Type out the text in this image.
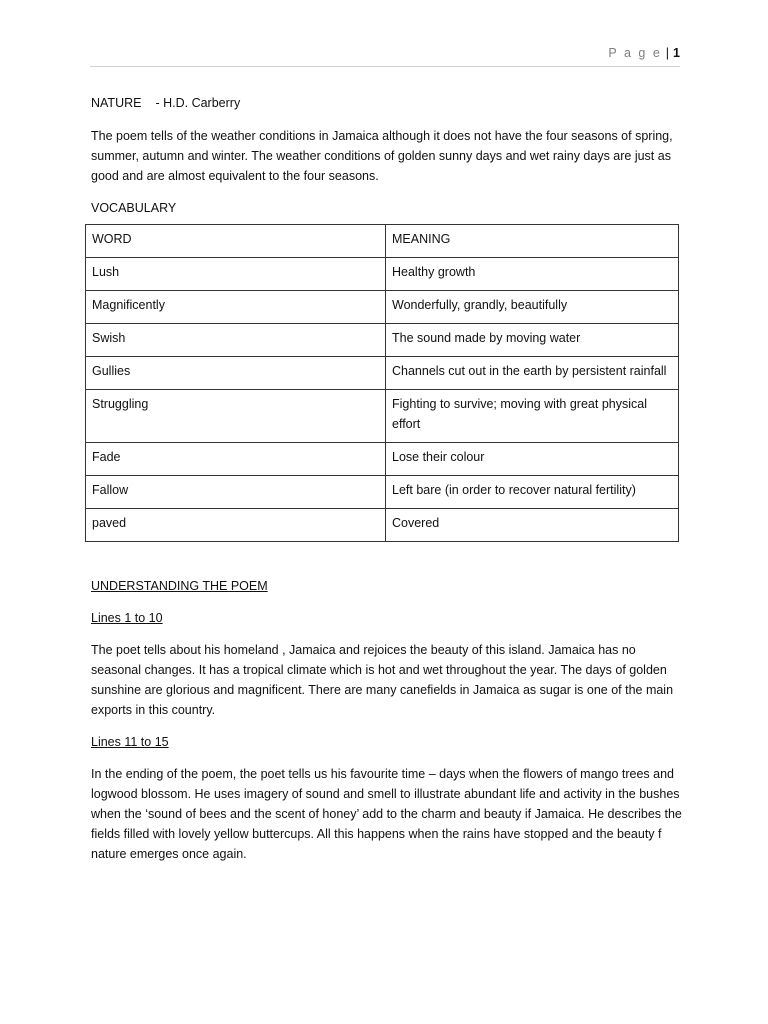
P a g e | 1
NATURE - H.D. Carberry

The poem tells of the weather conditions in Jamaica although it does not have the four seasons of spring, summer, autumn and winter. The weather conditions of golden sunny days and wet rainy days are just as good and are almost equivalent to the four seasons.

VOCABULARY
WORD	MEANING
Lush	Healthy growth
Magnificently	Wonderfully, grandly, beautifully
Swish	The sound made by moving water
Gullies	Channels cut out in the earth by persistent rainfall
Struggling	Fighting to survive; moving with great physical effort
Fade	Lose their colour
Fallow	Left bare (in order to recover natural fertility)
paved	Covered
UNDERSTANDING THE POEM
Lines 1 to 10

The poet tells about his homeland , Jamaica and rejoices the beauty of this island. Jamaica has no seasonal changes. It has a tropical climate which is hot and wet throughout the year. The days of golden sunshine are glorious and magnificent. There are many canefields in Jamaica as sugar is one of the main exports in this country.

Lines 11 to 15

In the ending of the poem, the poet tells us his favourite time – days when the flowers of mango trees and logwood blossom. He uses imagery of sound and smell to illustrate abundant life and activity in the bushes when the ‘sound of bees and the scent of honey’ add to the charm and beauty if Jamaica. He describes the fields filled with lovely yellow buttercups. All this happens when the rains have stopped and the beauty f nature emerges once again.
